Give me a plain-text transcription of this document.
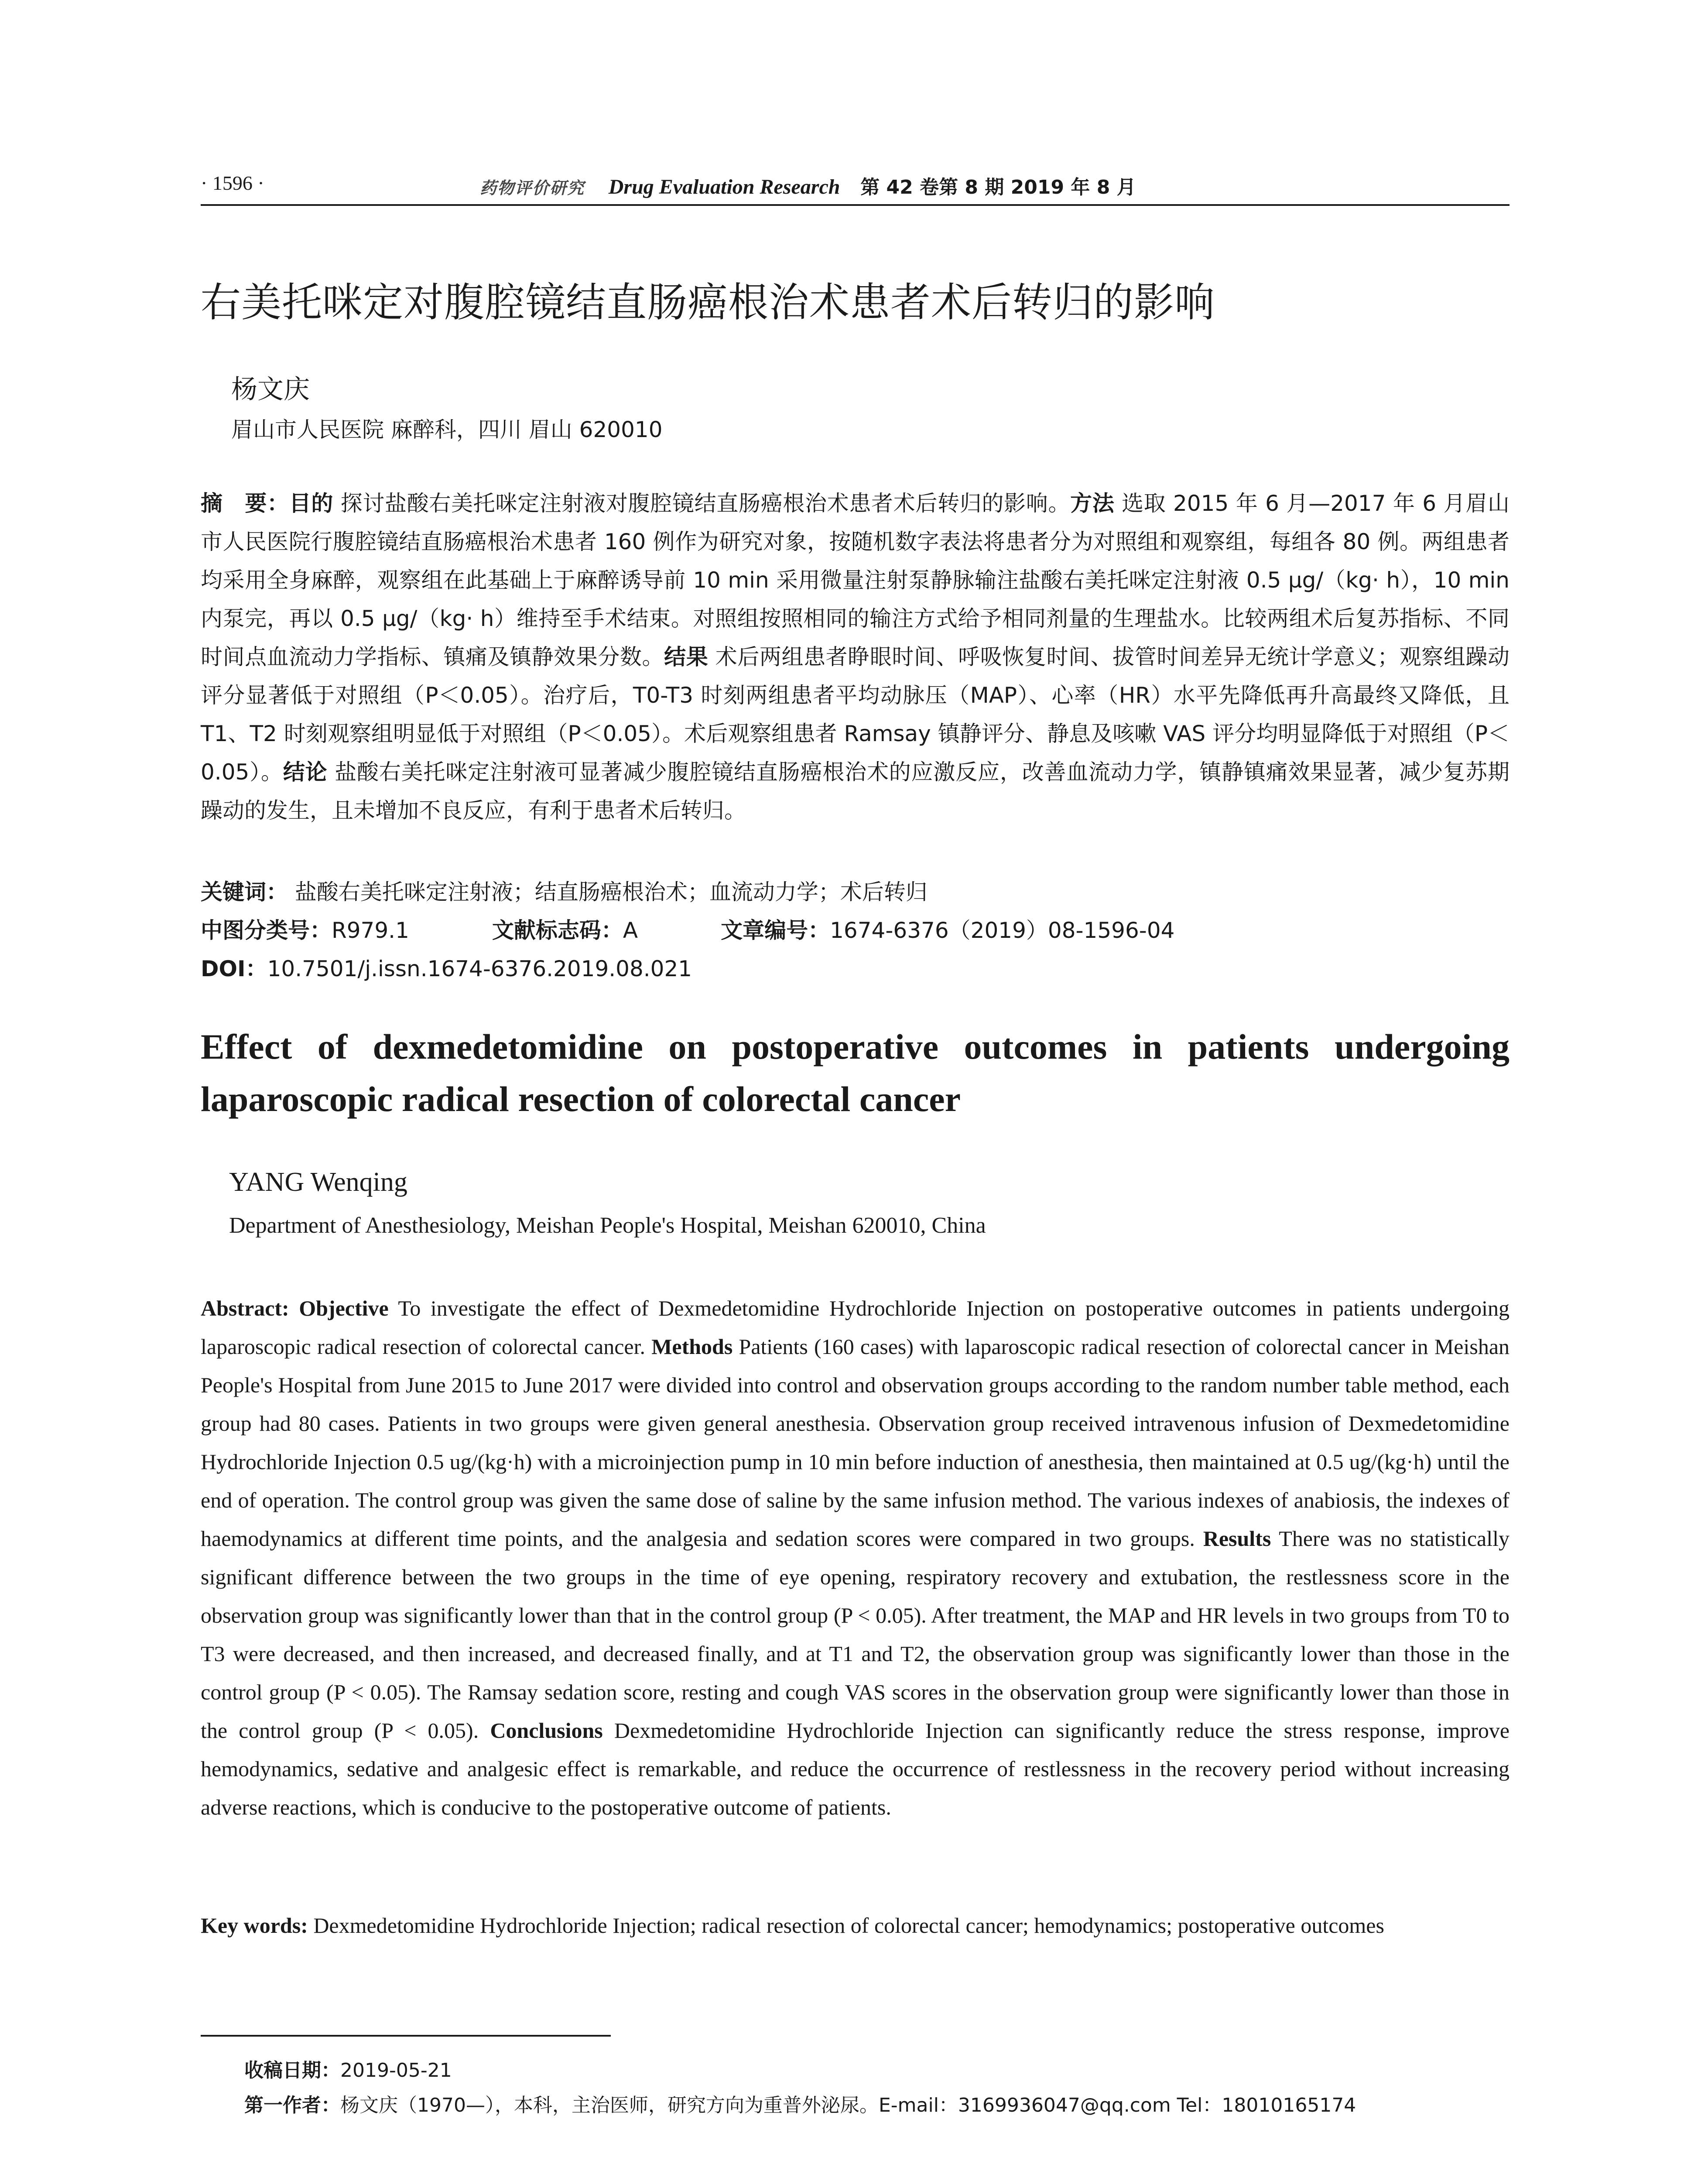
· 1596 ·	药物评价研究 Drug Evaluation Research 第 42 卷第 8 期 2019 年 8 月
右美托咪定对腹腔镜结直肠癌根治术患者术后转归的影响
杨文庆
眉山市人民医院 麻醉科，四川 眉山 620010
摘　要：目的 探讨盐酸右美托咪定注射液对腹腔镜结直肠癌根治术患者术后转归的影响。方法 选取 2015 年 6 月—2017 年 6 月眉山市人民医院行腹腔镜结直肠癌根治术患者 160 例作为研究对象，按随机数字表法将患者分为对照组和观察组，每组各 80 例。两组患者均采用全身麻醉，观察组在此基础上于麻醉诱导前 10 min 采用微量注射泵静脉输注盐酸右美托咪定注射液 0.5 μg/（kg· h），10 min 内泵完，再以 0.5 μg/（kg· h）维持至手术结束。对照组按照相同的输注方式给予相同剂量的生理盐水。比较两组术后复苏指标、不同时间点血流动力学指标、镇痛及镇静效果分数。结果 术后两组患者睁眼时间、呼吸恢复时间、拔管时间差异无统计学意义；观察组躁动评分显著低于对照组（P＜0.05）。治疗后，T0-T3 时刻两组患者平均动脉压（MAP）、心率（HR）水平先降低再升高最终又降低，且 T1、T2 时刻观察组明显低于对照组（P＜0.05）。术后观察组患者 Ramsay 镇静评分、静息及咳嗽 VAS 评分均明显降低于对照组（P＜0.05）。结论 盐酸右美托咪定注射液可显著减少腹腔镜结直肠癌根治术的应激反应，改善血流动力学，镇静镇痛效果显著，减少复苏期躁动的发生，且未增加不良反应，有利于患者术后转归。
关键词： 盐酸右美托咪定注射液；结直肠癌根治术；血流动力学；术后转归
中图分类号：R979.1	文献标志码：A	文章编号：1674-6376（2019）08-1596-04
DOI：10.7501/j.issn.1674-6376.2019.08.021
Effect of dexmedetomidine on postoperative outcomes in patients undergoing laparoscopic radical resection of colorectal cancer
YANG Wenqing
Department of Anesthesiology, Meishan People's Hospital, Meishan 620010, China
Abstract: Objective To investigate the effect of Dexmedetomidine Hydrochloride Injection on postoperative outcomes in patients undergoing laparoscopic radical resection of colorectal cancer. Methods Patients (160 cases) with laparoscopic radical resection of colorectal cancer in Meishan People's Hospital from June 2015 to June 2017 were divided into control and observation groups according to the random number table method, each group had 80 cases. Patients in two groups were given general anesthesia. Observation group received intravenous infusion of Dexmedetomidine Hydrochloride Injection 0.5 ug/(kg·h) with a microinjection pump in 10 min before induction of anesthesia, then maintained at 0.5 ug/(kg·h) until the end of operation. The control group was given the same dose of saline by the same infusion method. The various indexes of anabiosis, the indexes of haemodynamics at different time points, and the analgesia and sedation scores were compared in two groups. Results There was no statistically significant difference between the two groups in the time of eye opening, respiratory recovery and extubation, the restlessness score in the observation group was significantly lower than that in the control group (P < 0.05). After treatment, the MAP and HR levels in two groups from T0 to T3 were decreased, and then increased, and decreased finally, and at T1 and T2, the observation group was significantly lower than those in the control group (P < 0.05). The Ramsay sedation score, resting and cough VAS scores in the observation group were significantly lower than those in the control group (P < 0.05). Conclusions Dexmedetomidine Hydrochloride Injection can significantly reduce the stress response, improve hemodynamics, sedative and analgesic effect is remarkable, and reduce the occurrence of restlessness in the recovery period without increasing adverse reactions, which is conducive to the postoperative outcome of patients.
Key words: Dexmedetomidine Hydrochloride Injection; radical resection of colorectal cancer; hemodynamics; postoperative outcomes
收稿日期：2019-05-21
第一作者：杨文庆（1970—），本科，主治医师，研究方向为重普外泌尿。E-mail：3169936047@qq.com Tel：18010165174
